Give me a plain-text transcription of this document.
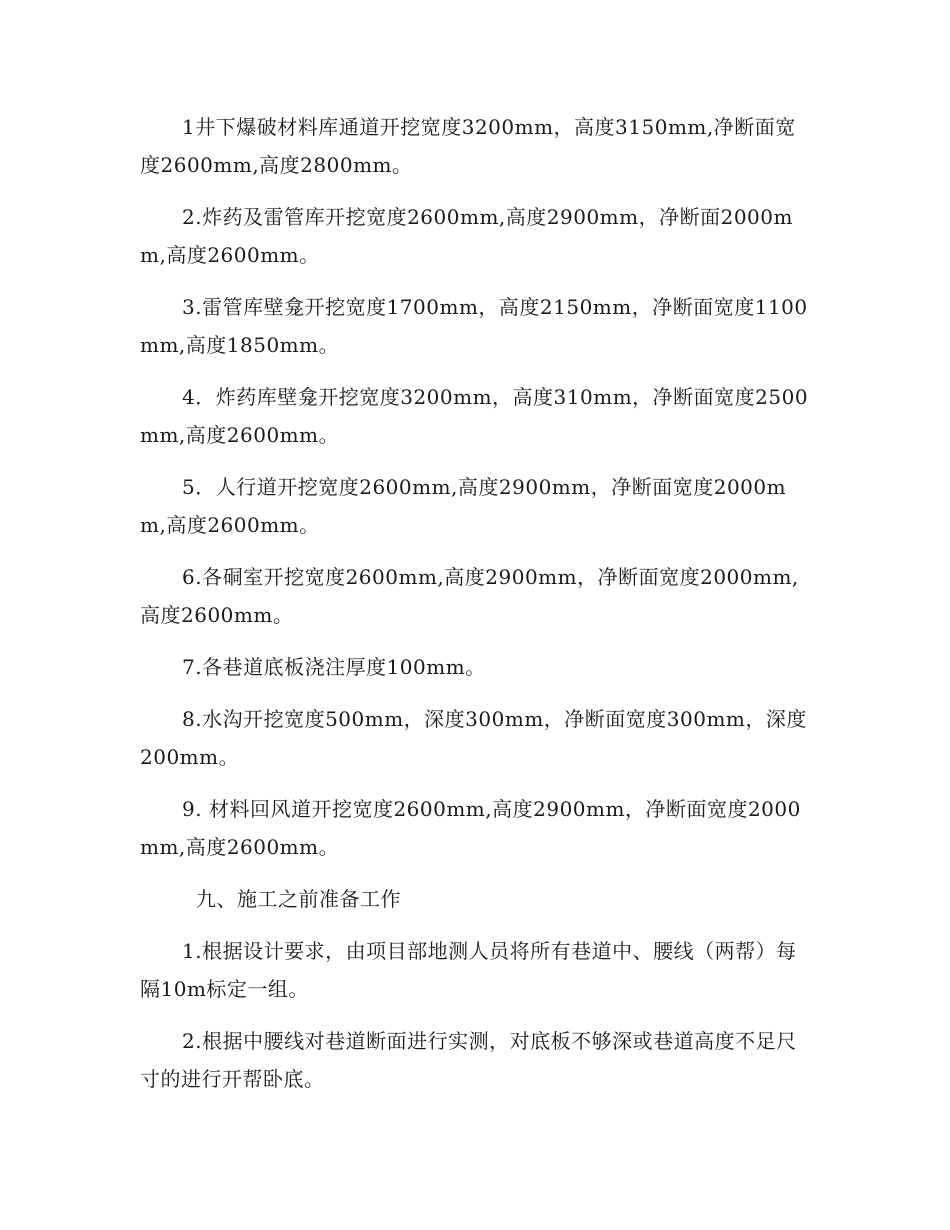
1井下爆破材料库通道开挖宽度3200mm，高度3150mm,净断面宽度2600mm,高度2800mm。

2.炸药及雷管库开挖宽度2600mm,高度2900mm，净断面2000mm,高度2600mm。

3.雷管库壁龛开挖宽度1700mm，高度2150mm，净断面宽度1100mm,高度1850mm。

4．炸药库壁龛开挖宽度3200mm，高度310mm，净断面宽度2500mm,高度2600mm。

5．人行道开挖宽度2600mm,高度2900mm，净断面宽度2000mm,高度2600mm。

6.各硐室开挖宽度2600mm,高度2900mm，净断面宽度2000mm,高度2600mm。

7.各巷道底板浇注厚度100mm。

8.水沟开挖宽度500mm，深度300mm，净断面宽度300mm，深度200mm。

9. 材料回风道开挖宽度2600mm,高度2900mm，净断面宽度2000mm,高度2600mm。

九、施工之前准备工作

1.根据设计要求，由项目部地测人员将所有巷道中、腰线（两帮）每隔10m标定一组。

2.根据中腰线对巷道断面进行实测，对底板不够深或巷道高度不足尺寸的进行开帮卧底。
